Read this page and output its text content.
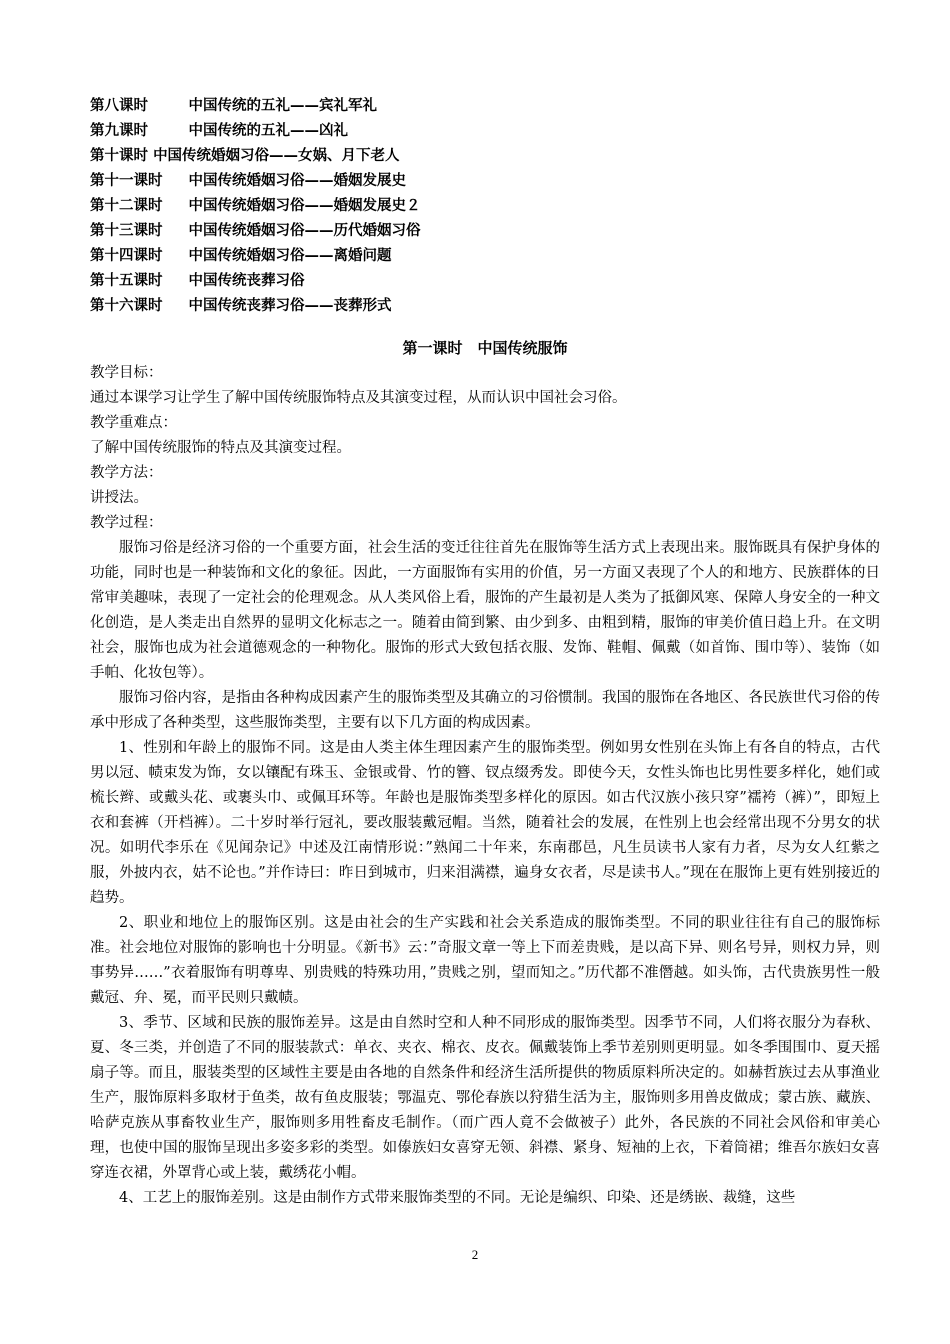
第八课时　	中国传统的五礼——宾礼军礼
第九课时　	中国传统的五礼——凶礼
第十课时 中国传统婚姻习俗——女娲、月下老人
第十一课时　 中国传统婚姻习俗——婚姻发展史
第十二课时　 中国传统婚姻习俗——婚姻发展史２
第十三课时　 中国传统婚姻习俗——历代婚姻习俗
第十四课时　 中国传统婚姻习俗——离婚问题
第十五课时　 中国传统丧葬习俗
第十六课时　 中国传统丧葬习俗——丧葬形式
第一课时　中国传统服饰
教学目标：
通过本课学习让学生了解中国传统服饰特点及其演变过程，从而认识中国社会习俗。
教学重难点：
了解中国传统服饰的特点及其演变过程。
教学方法：
讲授法。
教学过程：

服饰习俗是经济习俗的一个重要方面，社会生活的变迁往往首先在服饰等生活方式上表现出来。服饰既具有保护身体的功能，同时也是一种装饰和文化的象征。因此，一方面服饰有实用的价值，另一方面又表现了个人的和地方、民族群体的日常审美趣味，表现了一定社会的伦理观念。从人类风俗上看，服饰的产生最初是人类为了抵御风寒、保障人身安全的一种文化创造，是人类走出自然界的显明文化标志之一。随着由简到繁、由少到多、由粗到精，服饰的审美价值日趋上升。在文明社会，服饰也成为社会道德观念的一种物化。服饰的形式大致包括衣服、发饰、鞋帽、佩戴（如首饰、围巾等）、装饰（如手帕、化妆包等）。

服饰习俗内容，是指由各种构成因素产生的服饰类型及其确立的习俗惯制。我国的服饰在各地区、各民族世代习俗的传承中形成了各种类型，这些服饰类型，主要有以下几方面的构成因素。

1、性别和年龄上的服饰不同。这是由人类主体生理因素产生的服饰类型。例如男女性别在头饰上有各自的特点，古代男以冠、帻束发为饰，女以镶配有珠玉、金银或骨、竹的簪、钗点缀秀发。即使今天，女性头饰也比男性要多样化，她们或梳长辫、或戴头花、或裹头巾、或佩耳环等。年龄也是服饰类型多样化的原因。如古代汉族小孩只穿”襦袴（裤）”，即短上衣和套裤（开档裤）。二十岁时举行冠礼，要改服装戴冠帽。当然，随着社会的发展，在性别上也会经常出现不分男女的状况。如明代李乐在《见闻杂记》中述及江南情形说：”熟闻二十年来，东南郡邑，凡生员读书人家有力者，尽为女人红紫之服，外披内衣，姑不论也。”并作诗曰：昨日到城市，归来泪满襟，遍身女衣者，尽是读书人。”现在在服饰上更有姓别接近的趋势。

2、职业和地位上的服饰区别。这是由社会的生产实践和社会关系造成的服饰类型。不同的职业往往有自己的服饰标准。社会地位对服饰的影响也十分明显。《新书》云：”奇服文章一等上下而差贵贱，是以高下异、则名号异，则权力异，则事势异……”衣着服饰有明尊卑、别贵贱的特殊功用，”贵贱之别，望而知之。”历代都不准僭越。如头饰，古代贵族男性一般戴冠、弁、冕，而平民则只戴帻。

3、季节、区域和民族的服饰差异。这是由自然时空和人种不同形成的服饰类型。因季节不同，人们将衣服分为春秋、夏、冬三类，并创造了不同的服装款式：单衣、夹衣、棉衣、皮衣。佩戴装饰上季节差别则更明显。如冬季围围巾、夏天摇扇子等。而且，服装类型的区域性主要是由各地的自然条件和经济生活所提供的物质原料所决定的。如赫哲族过去从事渔业生产，服饰原料多取材于鱼类，故有鱼皮服装；鄂温克、鄂伦春族以狩猎生活为主，服饰则多用兽皮做成；蒙古族、藏族、哈萨克族从事畜牧业生产，服饰则多用牲畜皮毛制作。（而广西人竟不会做被子）此外，各民族的不同社会风俗和审美心理，也使中国的服饰呈现出多姿多彩的类型。如傣族妇女喜穿无领、斜襟、紧身、短袖的上衣，下着筒裙；维吾尔族妇女喜穿连衣裙，外罩背心或上装，戴绣花小帽。

4、工艺上的服饰差别。这是由制作方式带来服饰类型的不同。无论是编织、印染、还是绣嵌、裁缝，这些

2
